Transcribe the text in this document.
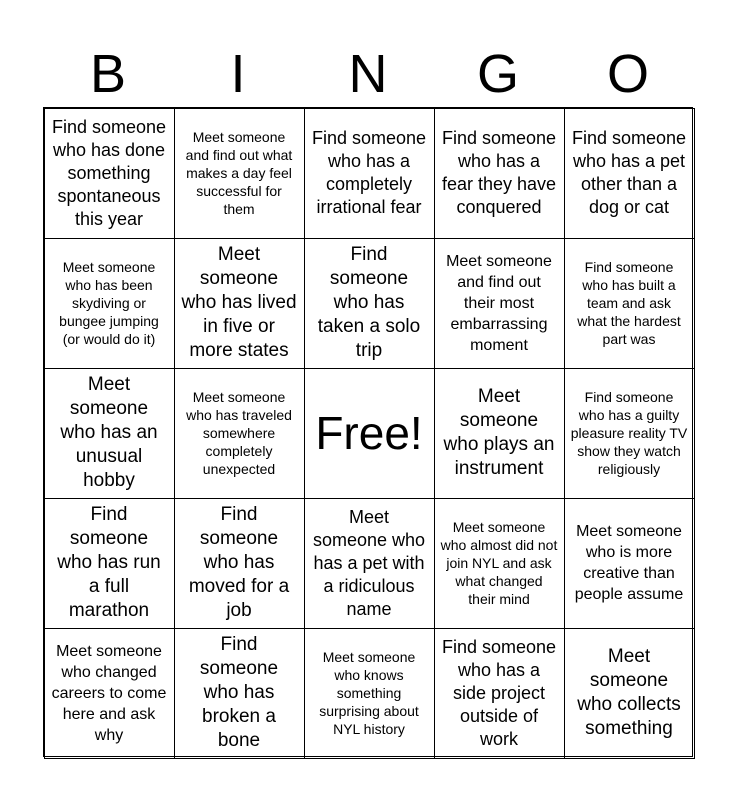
B	I	N	G	O
Find someone who has done something spontaneous this year
Meet someone and find out what makes a day feel successful for them
Find someone who has a completely irrational fear
Find someone who has a fear they have conquered
Find someone who has a pet other than a dog or cat
Meet someone who has been skydiving or bungee jumping (or would do it)
Meet someone who has lived in five or more states
Find someone who has taken a solo trip
Meet someone and find out their most embarrassing moment
Find someone who has built a team and ask what the hardest part was
Meet someone who has an unusual hobby
Meet someone who has traveled somewhere completely unexpected
Free!
Meet someone who plays an instrument
Find someone who has a guilty pleasure reality TV show they watch religiously
Find someone who has run a full marathon
Find someone who has moved for a job
Meet someone who has a pet with a ridiculous name
Meet someone who almost did not join NYL and ask what changed their mind
Meet someone who is more creative than people assume
Meet someone who changed careers to come here and ask why
Find someone who has broken a bone
Meet someone who knows something surprising about NYL history
Find someone who has a side project outside of work
Meet someone who collects something
